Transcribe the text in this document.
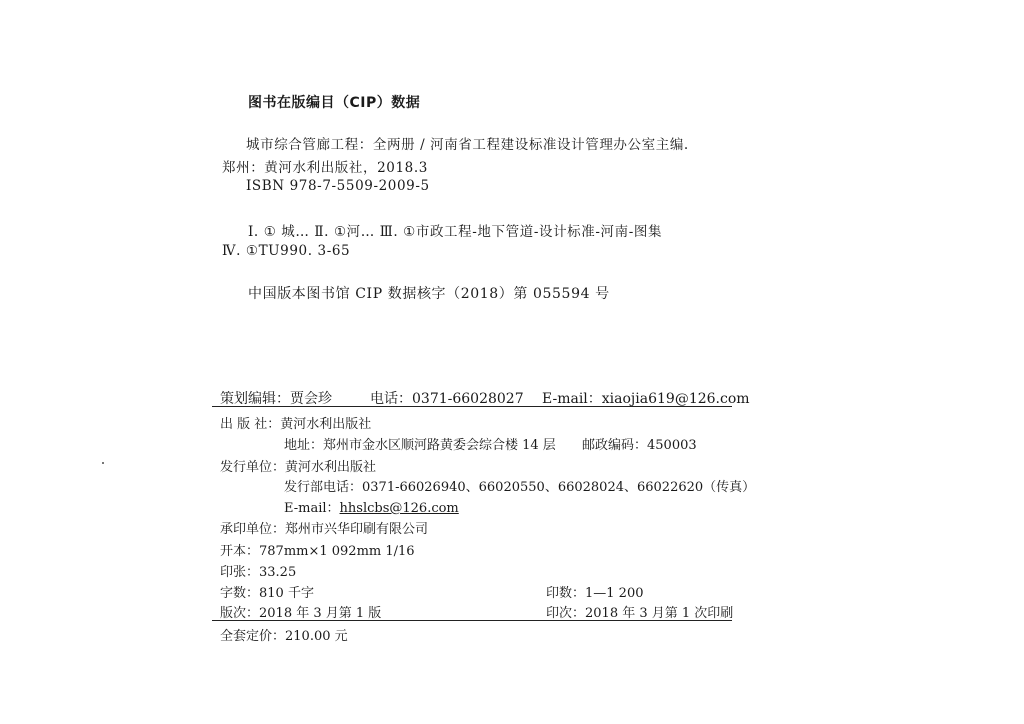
图书在版编目（CIP）数据
城市综合管廊工程：全两册 / 河南省工程建设标准设计管理办公室主编.
郑州：黄河水利出版社，2018.3
ISBN 978-7-5509-2009-5
Ⅰ. ① 城… Ⅱ. ①河… Ⅲ. ①市政工程-地下管道-设计标准-河南-图集
Ⅳ. ①TU990. 3-65
中国版本图书馆 CIP 数据核字（2018）第 055594 号
策划编辑：贾会珍	电话：0371-66028027 E-mail：xiaojia619@126.com
出 版 社：黄河水利出版社
地址：郑州市金水区顺河路黄委会综合楼 14 层 邮政编码：450003
发行单位：黄河水利出版社
发行部电话：0371-66026940、66020550、66028024、66022620（传真）
E-mail：hhslcbs@126.com
承印单位：郑州市兴华印刷有限公司
开本：787mm×1 092mm 1/16
印张：33.25
字数：810 千字	印数：1—1 200
版次：2018 年 3 月第 1 版	印次：2018 年 3 月第 1 次印刷
全套定价：210.00 元
